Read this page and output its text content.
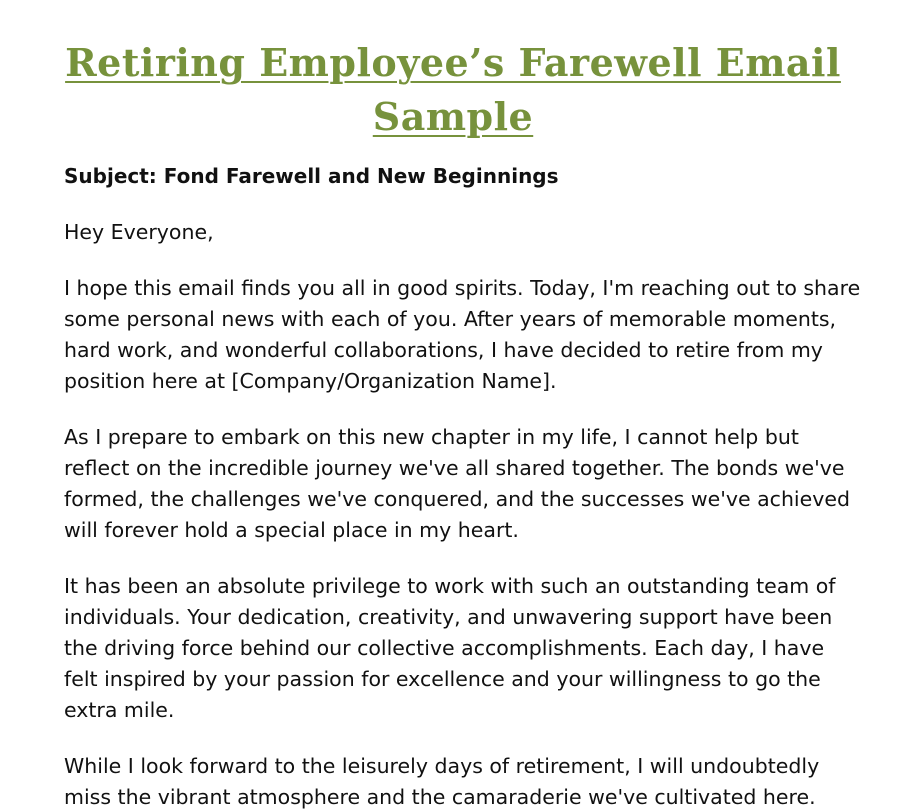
Retiring Employee’s Farewell Email Sample

Subject: Fond Farewell and New Beginnings

Hey Everyone,

I hope this email finds you all in good spirits. Today, I'm reaching out to share some personal news with each of you. After years of memorable moments, hard work, and wonderful collaborations, I have decided to retire from my position here at [Company/Organization Name].

As I prepare to embark on this new chapter in my life, I cannot help but reflect on the incredible journey we've all shared together. The bonds we've formed, the challenges we've conquered, and the successes we've achieved will forever hold a special place in my heart.

It has been an absolute privilege to work with such an outstanding team of individuals. Your dedication, creativity, and unwavering support have been the driving force behind our collective accomplishments. Each day, I have felt inspired by your passion for excellence and your willingness to go the extra mile.

While I look forward to the leisurely days of retirement, I will undoubtedly miss the vibrant atmosphere and the camaraderie we've cultivated here.
